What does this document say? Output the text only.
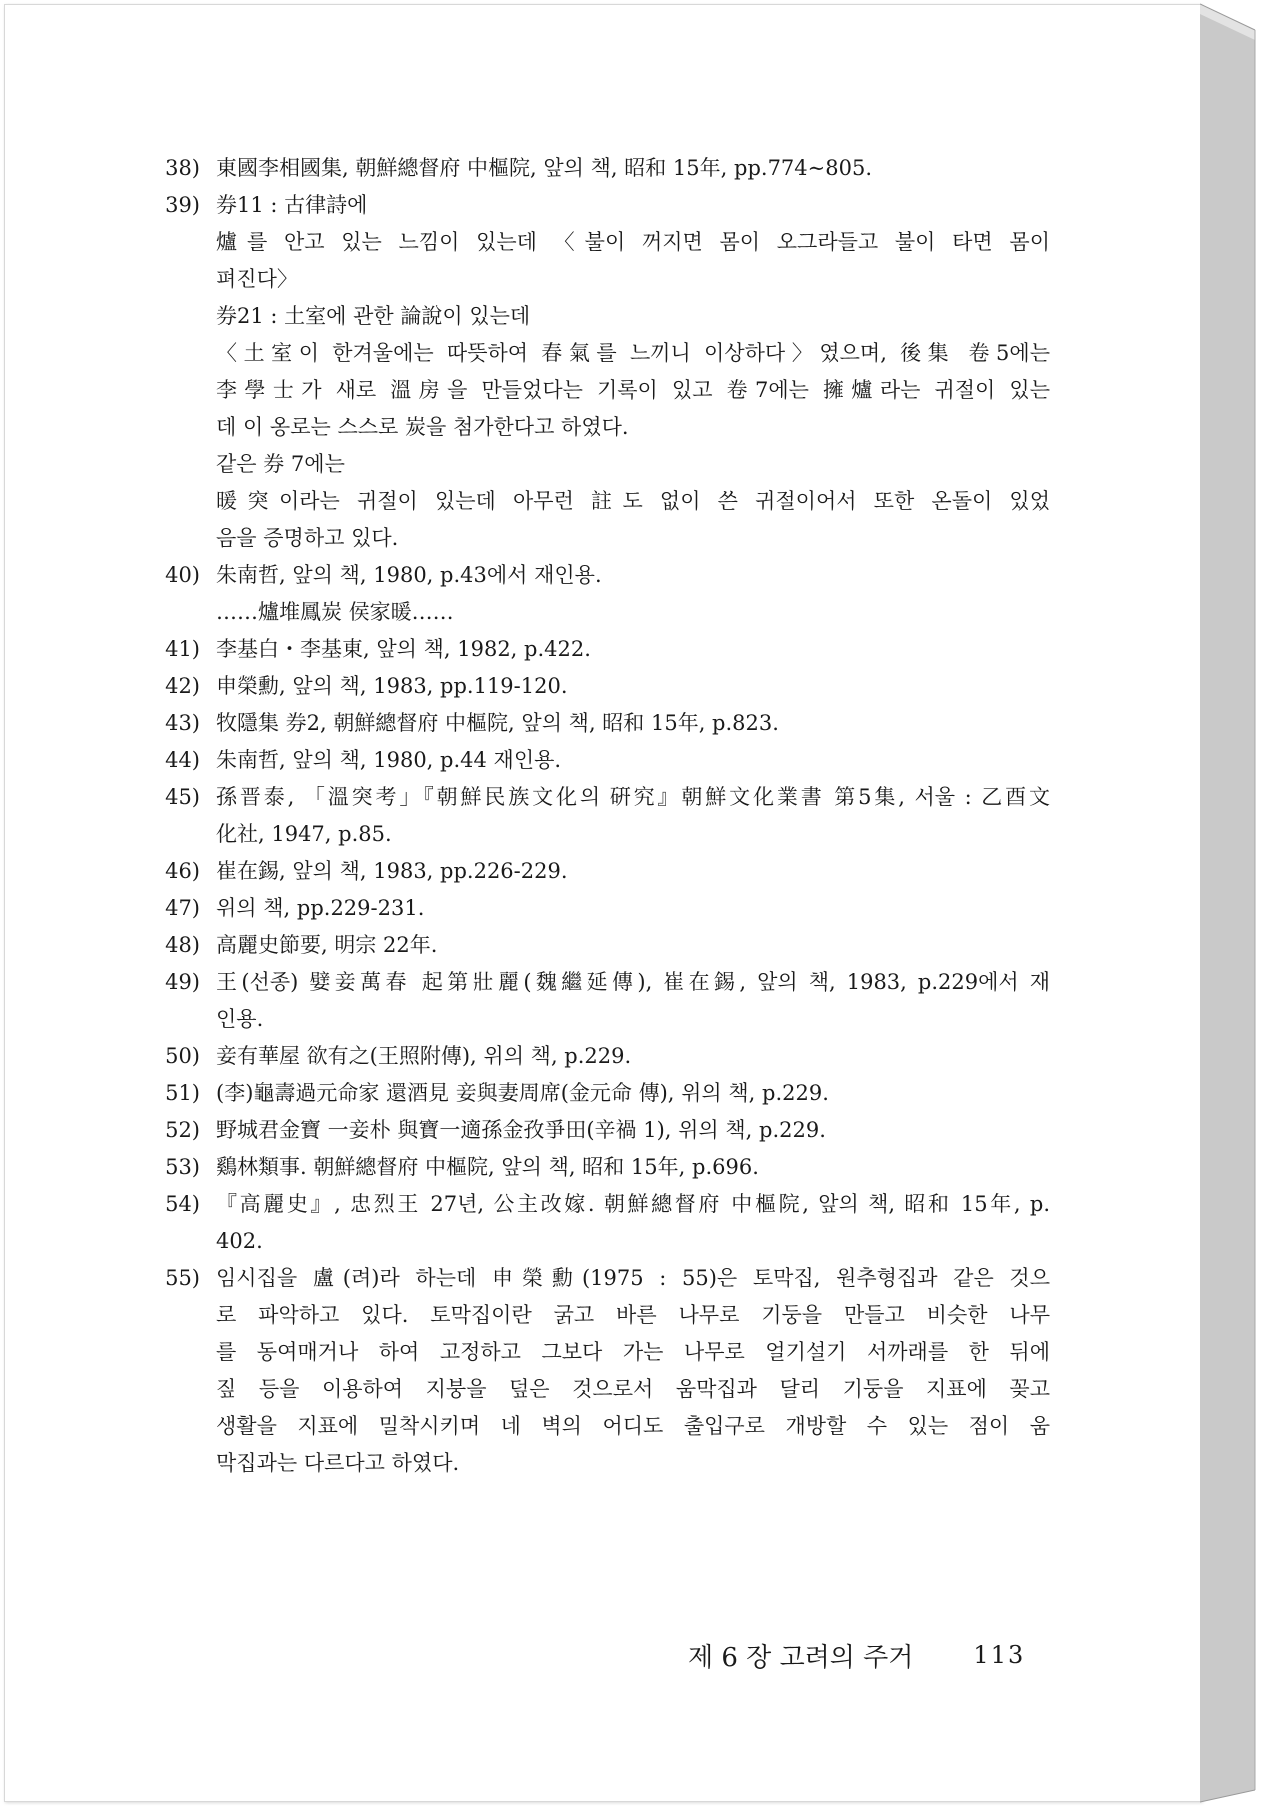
38) 東國李相國集, 朝鮮總督府 中樞院, 앞의 책, 昭和 15年, pp.774∼805.
39) 券11 : 古律詩에
爐를 안고 있는 느낌이 있는데 〈불이 꺼지면 몸이 오그라들고 불이 타면 몸이
펴진다〉
券21 : 土室에 관한 論說이 있는데
〈土室이 한겨울에는 따뜻하여 春氣를 느끼니 이상하다〉였으며, 後集 卷5에는
李學士가 새로 溫房을 만들었다는 기록이 있고 卷7에는 擁爐라는 귀절이 있는
데 이 옹로는 스스로 炭을 첨가한다고 하였다.
같은 券 7에는
暖突이라는 귀절이 있는데 아무런 註도 없이 쓴 귀절이어서 또한 온돌이 있었
음을 증명하고 있다.
40) 朱南哲, 앞의 책, 1980, p.43에서 재인용.
……爐堆鳳炭 侯家暖……
41) 李基白・李基東, 앞의 책, 1982, p.422.
42) 申榮勳, 앞의 책, 1983, pp.119-120.
43) 牧隱集 券2, 朝鮮總督府 中樞院, 앞의 책, 昭和 15年, p.823.
44) 朱南哲, 앞의 책, 1980, p.44 재인용.
45) 孫晋泰, 「溫突考」『朝鮮民族文化의 硏究』朝鮮文化業書 第5集, 서울 : 乙酉文
化社, 1947, p.85.
46) 崔在錫, 앞의 책, 1983, pp.226-229.
47) 위의 책, pp.229-231.
48) 高麗史節要, 明宗 22年.
49) 王(선종) 嬖妾萬春 起第壯麗(魏繼延傳), 崔在錫, 앞의 책, 1983, p.229에서 재
인용.
50) 妾有華屋 欲有之(王照附傳), 위의 책, p.229.
51) (李)龜壽過元命家 還酒見 妾與妻周席(金元命 傳), 위의 책, p.229.
52) 野城君金寶 一妾朴 與寶一適孫金孜爭田(辛禍 1), 위의 책, p.229.
53) 鷄林類事. 朝鮮總督府 中樞院, 앞의 책, 昭和 15年, p.696.
54) 『高麗史』, 忠烈王 27년, 公主改嫁. 朝鮮總督府 中樞院, 앞의 책, 昭和 15年, p.
402.
55) 임시집을 盧(려)라 하는데 申榮勳(1975 : 55)은 토막집, 원추형집과 같은 것으
로 파악하고 있다. 토막집이란 굵고 바른 나무로 기둥을 만들고 비슷한 나무
를 동여매거나 하여 고정하고 그보다 가는 나무로 얼기설기 서까래를 한 뒤에
짚 등을 이용하여 지붕을 덮은 것으로서 움막집과 달리 기둥을 지표에 꽂고
생활을 지표에 밀착시키며 네 벽의 어디도 출입구로 개방할 수 있는 점이 움
막집과는 다르다고 하였다.
제 6 장 고려의 주거	113
